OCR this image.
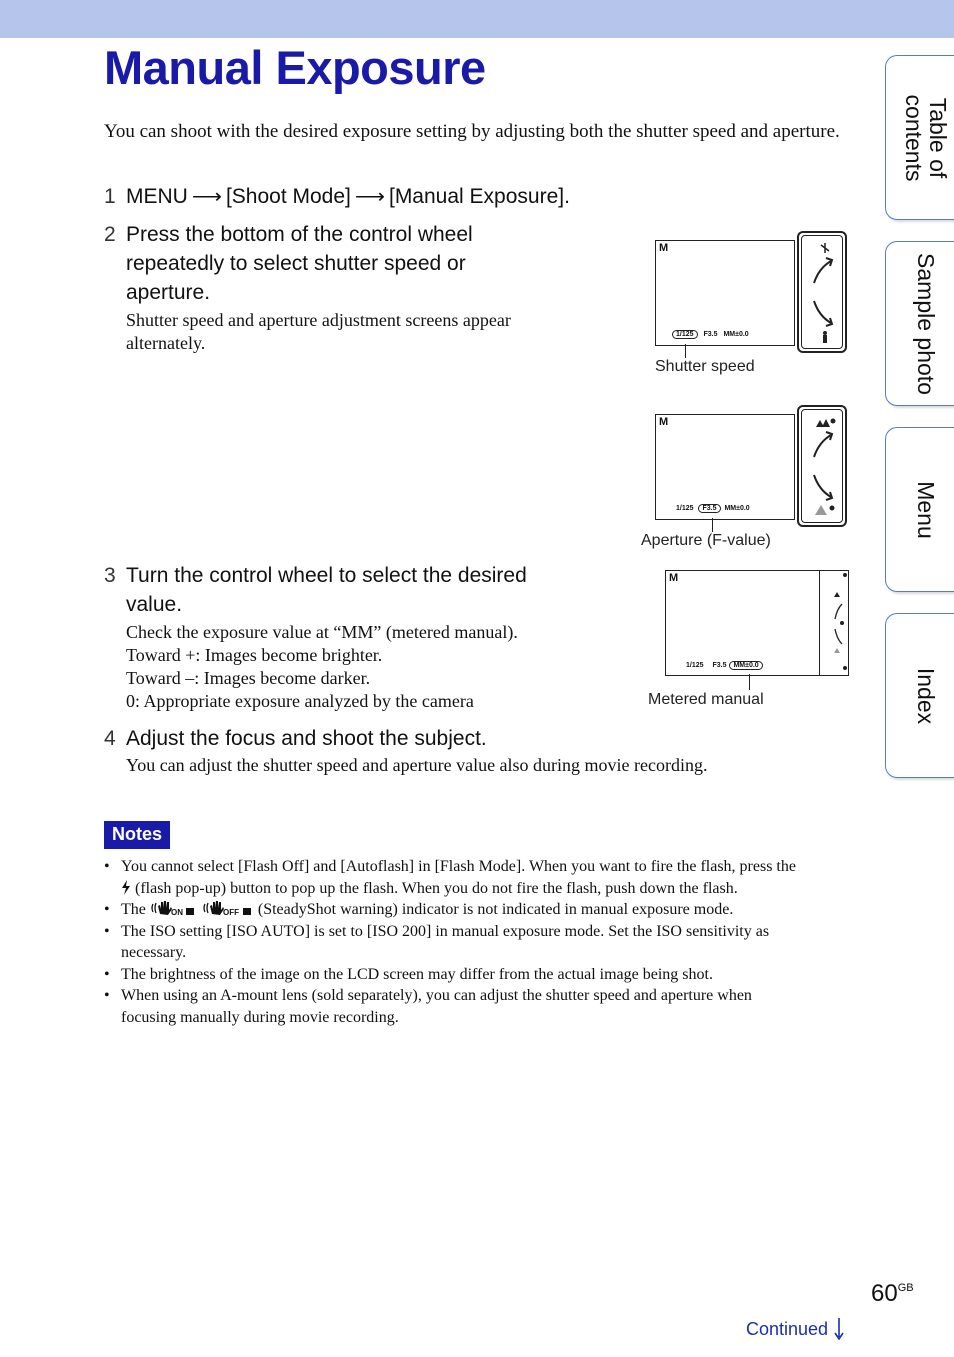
Manual Exposure

You can shoot with the desired exposure setting by adjusting both the shutter speed and aperture.

1 MENU ⟶ [Shoot Mode] ⟶ [Manual Exposure].
2 Press the bottom of the control wheel
repeatedly to select shutter speed or
aperture.

Shutter speed and aperture adjustment screens appear
alternately.

M
1/125 F3.5 MM±0.0
Shutter speed
M
1/125 F3.5 MM±0.0
Aperture (F-value)
3 Turn the control wheel to select the desired
value.

Check the exposure value at “MM” (metered manual).
Toward +: Images become brighter.
Toward –: Images become darker.
0: Appropriate exposure analyzed by the camera

M
1/125 F3.5 MM±0.0
Metered manual
4 Adjust the focus and shoot the subject.

You can adjust the shutter speed and aperture value also during movie recording.

Notes
• You cannot select [Flash Off] and [Autoflash] in [Flash Mode]. When you want to fire the flash, press the
(flash pop-up) button to pop up the flash. When you do not fire the flash, push down the flash.
• The	ON
	OFF (SteadyShot warning) indicator is not indicated in manual exposure mode.
• The ISO setting [ISO AUTO] is set to [ISO 200] in manual exposure mode. Set the ISO sensitivity as
necessary.
• The brightness of the image on the LCD screen may differ from the actual image being shot.
• When using an A-mount lens (sold separately), you can adjust the shutter speed and aperture when
focusing manually during movie recording.
Table of
contents
Sample photo
Menu
Index
$60^{GB}$
Continued
